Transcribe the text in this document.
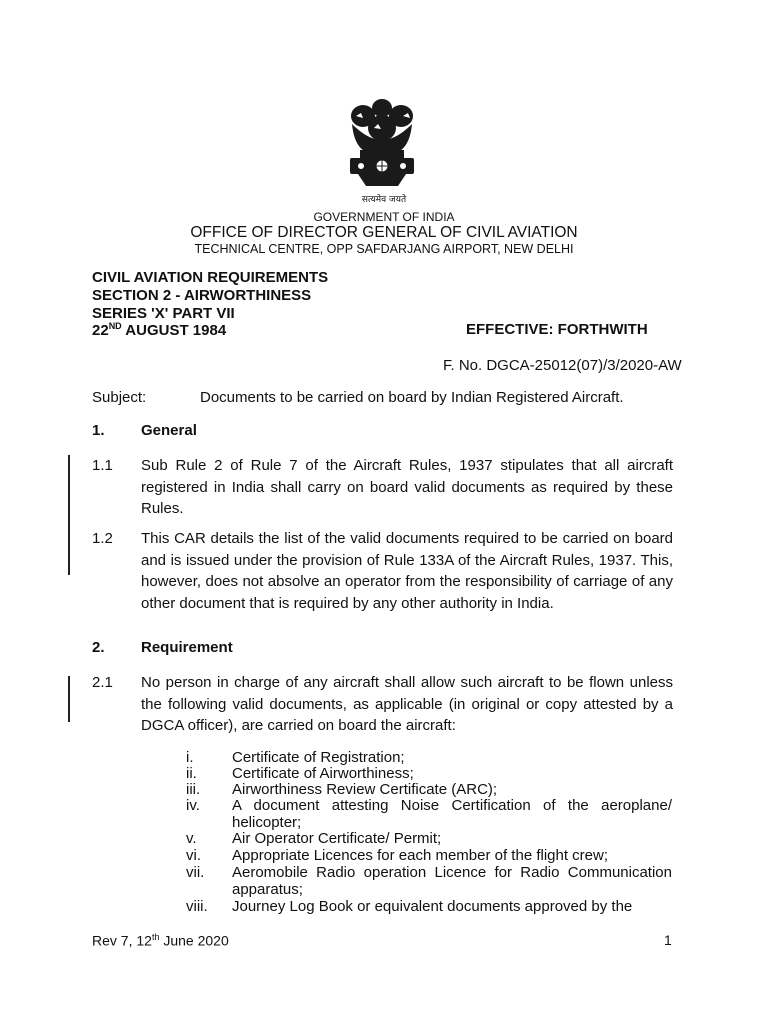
सत्यमेव जयते
GOVERNMENT OF INDIA
OFFICE OF DIRECTOR GENERAL OF CIVIL AVIATION
TECHNICAL CENTRE, OPP SAFDARJANG AIRPORT, NEW DELHI
CIVIL AVIATION REQUIREMENTS
SECTION 2 - AIRWORTHINESS
SERIES 'X' PART VII
22ND AUGUST 1984	EFFECTIVE: FORTHWITH
F. No. DGCA-25012(07)/3/2020-AW
Subject:	Documents to be carried on board by Indian Registered Aircraft.
1. General
1.1 Sub Rule 2 of Rule 7 of the Aircraft Rules, 1937 stipulates that all aircraft registered in India shall carry on board valid documents as required by these Rules.
1.2 This CAR details the list of the valid documents required to be carried on board and is issued under the provision of Rule 133A of the Aircraft Rules, 1937. This, however, does not absolve an operator from the responsibility of carriage of any other document that is required by any other authority in India.
2. Requirement
2.1 No person in charge of any aircraft shall allow such aircraft to be flown unless the following valid documents, as applicable (in original or copy attested by a DGCA officer), are carried on board the aircraft:
i.	Certificate of Registration;
ii. Certificate of Airworthiness;
iii. Airworthiness Review Certificate (ARC);
iv. A document attesting Noise Certification of the aeroplane/ helicopter;
v. Air Operator Certificate/ Permit;
vi. Appropriate Licences for each member of the flight crew;
vii. Aeromobile Radio operation Licence for Radio Communication apparatus;
viii. Journey Log Book or equivalent documents approved by the
Rev 7, 12th June 2020	1
